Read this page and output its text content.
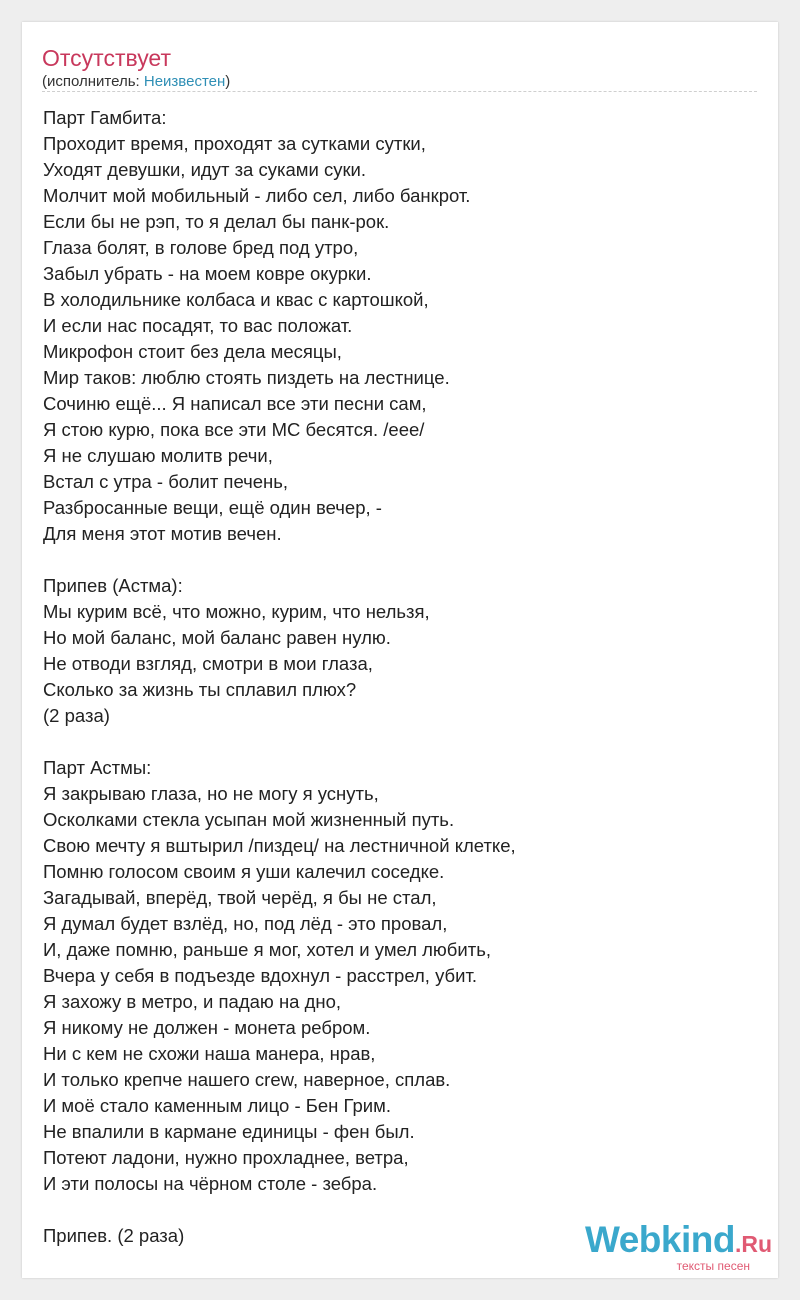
Отсутствует
(исполнитель: Неизвестен)
Парт Гамбита:
Проходит время, проходят за сутками сутки,
Уходят девушки, идут за суками суки.
Молчит мой мобильный - либо сел, либо банкрот.
Если бы не рэп, то я делал бы панк-рок.
Глаза болят, в голове бред под утро,
Забыл убрать - на моем ковре окурки.
В холодильнике колбаса и квас с картошкой,
И если нас посадят, то вас положат.
Микрофон стоит без дела месяцы,
Мир таков: люблю стоять пиздеть на лестнице.
Сочиню ещё... Я написал все эти песни сам,
Я стою курю, пока все эти МС бесятся. /еее/
Я не слушаю молитв речи,
Встал с утра - болит печень,
Разбросанные вещи, ещё один вечер, -
Для меня этот мотив вечен.

Припев (Астма):
Мы курим всё, что можно, курим, что нельзя,
Но мой баланс, мой баланс равен нулю.
Не отводи взгляд, смотри в мои глаза,
Сколько за жизнь ты сплавил плюх?
(2 раза)

Парт Астмы:
Я закрываю глаза, но не могу я уснуть,
Осколками стекла усыпан мой жизненный путь.
Свою мечту я вштырил /пиздец/ на лестничной клетке,
Помню голосом своим я уши калечил соседке.
Загадывай, вперёд, твой черёд, я бы не стал,
Я думал будет взлёд, но, под лёд - это провал,
И, даже помню, раньше я мог, хотел и умел любить,
Вчера у себя в подъезде вдохнул - расстрел, убит.
Я захожу в метро, и падаю на дно,
Я никому не должен - монета ребром.
Ни с кем не схожи наша манера, нрав,
И только крепче нашего crew, наверное, сплав.
И моё стало каменным лицо - Бен Грим.
Не впалили в кармане единицы - фен был.
Потеют ладони, нужно прохладнее, ветра,
И эти полосы на чёрном столе - зебра.

Припев. (2 раза)	Webkind.Ru
тексты песен
